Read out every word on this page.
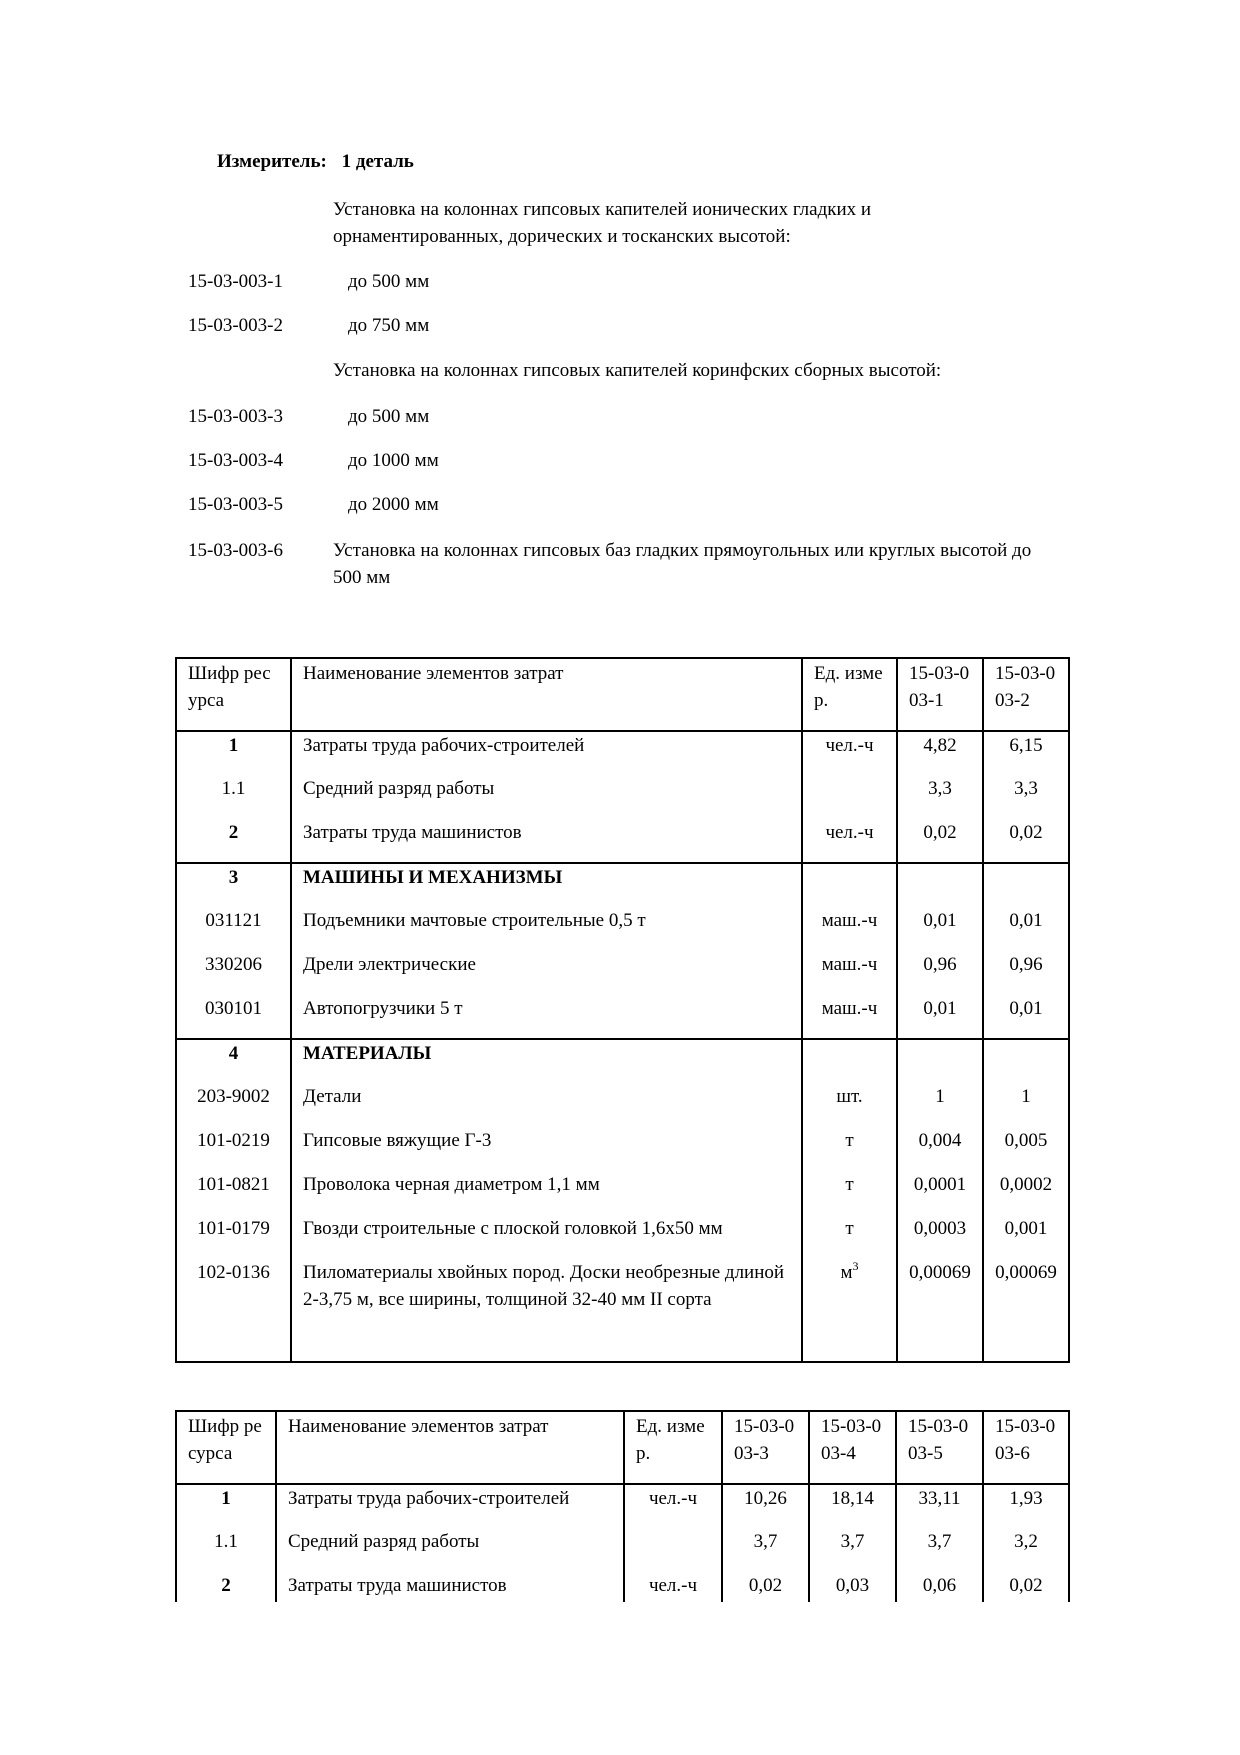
Измеритель: 1 деталь
Установка на колоннах гипсовых капителей ионических гладких и орнаментированных, дорических и тосканских высотой:
15-03-003-1	до 500 мм
15-03-003-2	до 750 мм
Установка на колоннах гипсовых капителей коринфских сборных высотой:
15-03-003-3	до 500 мм
15-03-003-4	до 1000 мм
15-03-003-5	до 2000 мм
15-03-003-6	Установка на колоннах гипсовых баз гладких прямоугольных или круглых высотой до 500 мм
Шифр ресурса	Наименование элементов затрат	Ед. измер.	15-03-003-1	15-03-003-2
1	Затраты труда рабочих-строителей	чел.-ч	4,82	6,15
1.1	Средний разряд работы		3,3	3,3
2	Затраты труда машинистов	чел.-ч	0,02	0,02
3	МАШИНЫ И МЕХАНИЗМЫ			
031121	Подъемники мачтовые строительные 0,5 т	маш.-ч	0,01	0,01
330206	Дрели электрические	маш.-ч	0,96	0,96
030101	Автопогрузчики 5 т	маш.-ч	0,01	0,01
4	МАТЕРИАЛЫ			
203-9002	Детали	шт.	1	1
101-0219	Гипсовые вяжущие Г-3	т	0,004	0,005
101-0821	Проволока черная диаметром 1,1 мм	т	0,0001	0,0002
101-0179	Гвозди строительные с плоской головкой 1,6х50 мм	т	0,0003	0,001
102-0136	Пиломатериалы хвойных пород. Доски необрезные длиной 2-3,75 м, все ширины, толщиной 32-40 мм II сорта	$м^3$	0,00069	0,00069
Шифр ресурса	Наименование элементов затрат	Ед. измер.	15-03-003-3	15-03-003-4	15-03-003-5	15-03-003-6
1	Затраты труда рабочих-строителей	чел.-ч	10,26	18,14	33,11	1,93
1.1	Средний разряд работы		3,7	3,7	3,7	3,2
2	Затраты труда машинистов	чел.-ч	0,02	0,03	0,06	0,02
